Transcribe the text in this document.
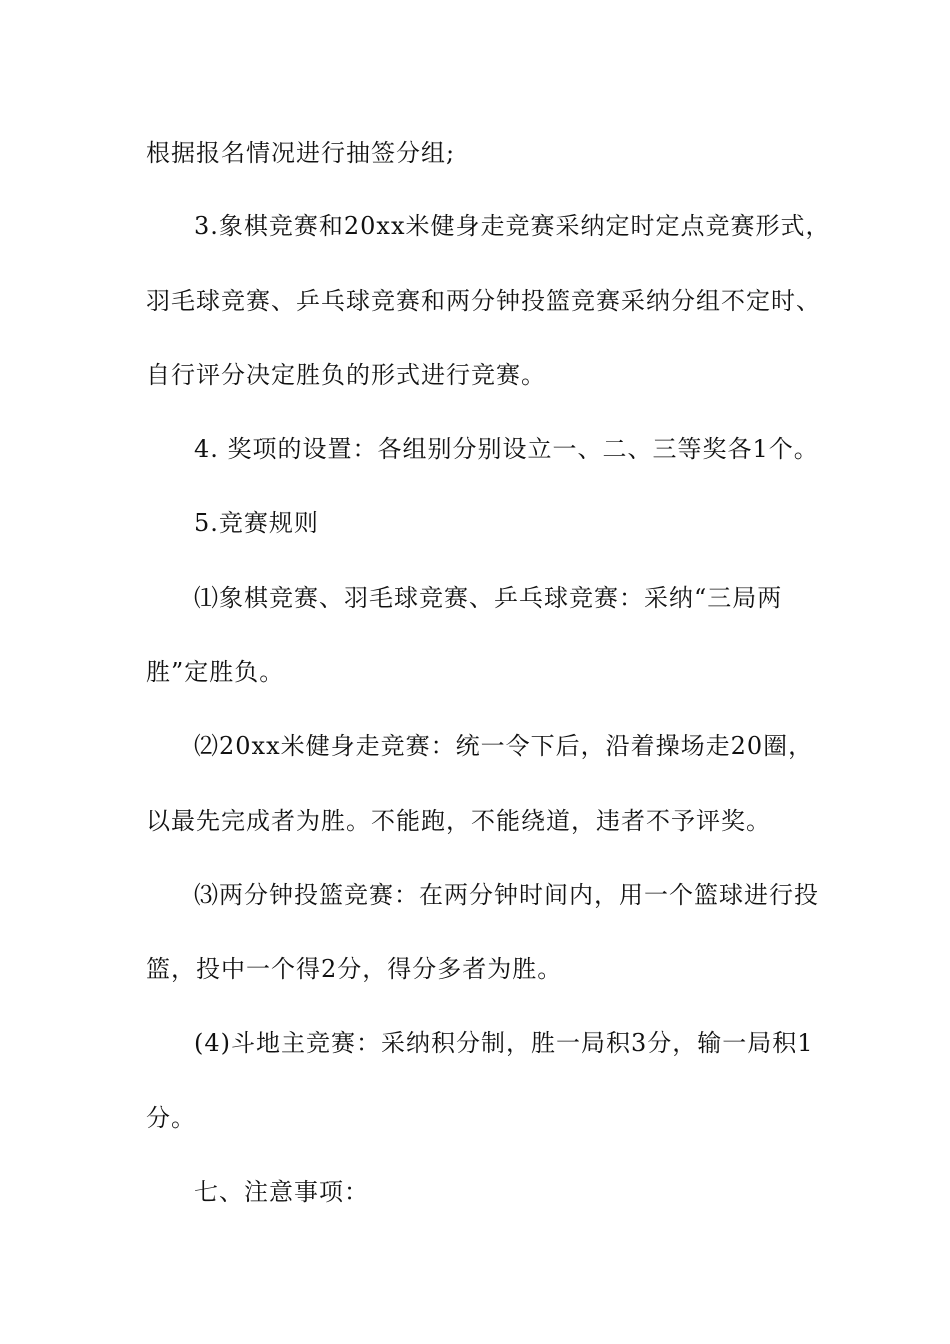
根据报名情况进行抽签分组;
3.象棋竞赛和20xx米健身走竞赛采纳定时定点竞赛形式，
羽毛球竞赛、乒乓球竞赛和两分钟投篮竞赛采纳分组不定时、
自行评分决定胜负的形式进行竞赛。
4. 奖项的设置：各组别分别设立一、二、三等奖各1个。
5.竞赛规则
⑴象棋竞赛、羽毛球竞赛、乒乓球竞赛：采纳“三局两
胜”定胜负。
⑵20xx米健身走竞赛：统一令下后，沿着操场走20圈，
以最先完成者为胜。不能跑，不能绕道，违者不予评奖。
⑶两分钟投篮竞赛：在两分钟时间内，用一个篮球进行投
篮，投中一个得2分，得分多者为胜。
(4)斗地主竞赛：采纳积分制，胜一局积3分，输一局积1
分。
七、注意事项：
